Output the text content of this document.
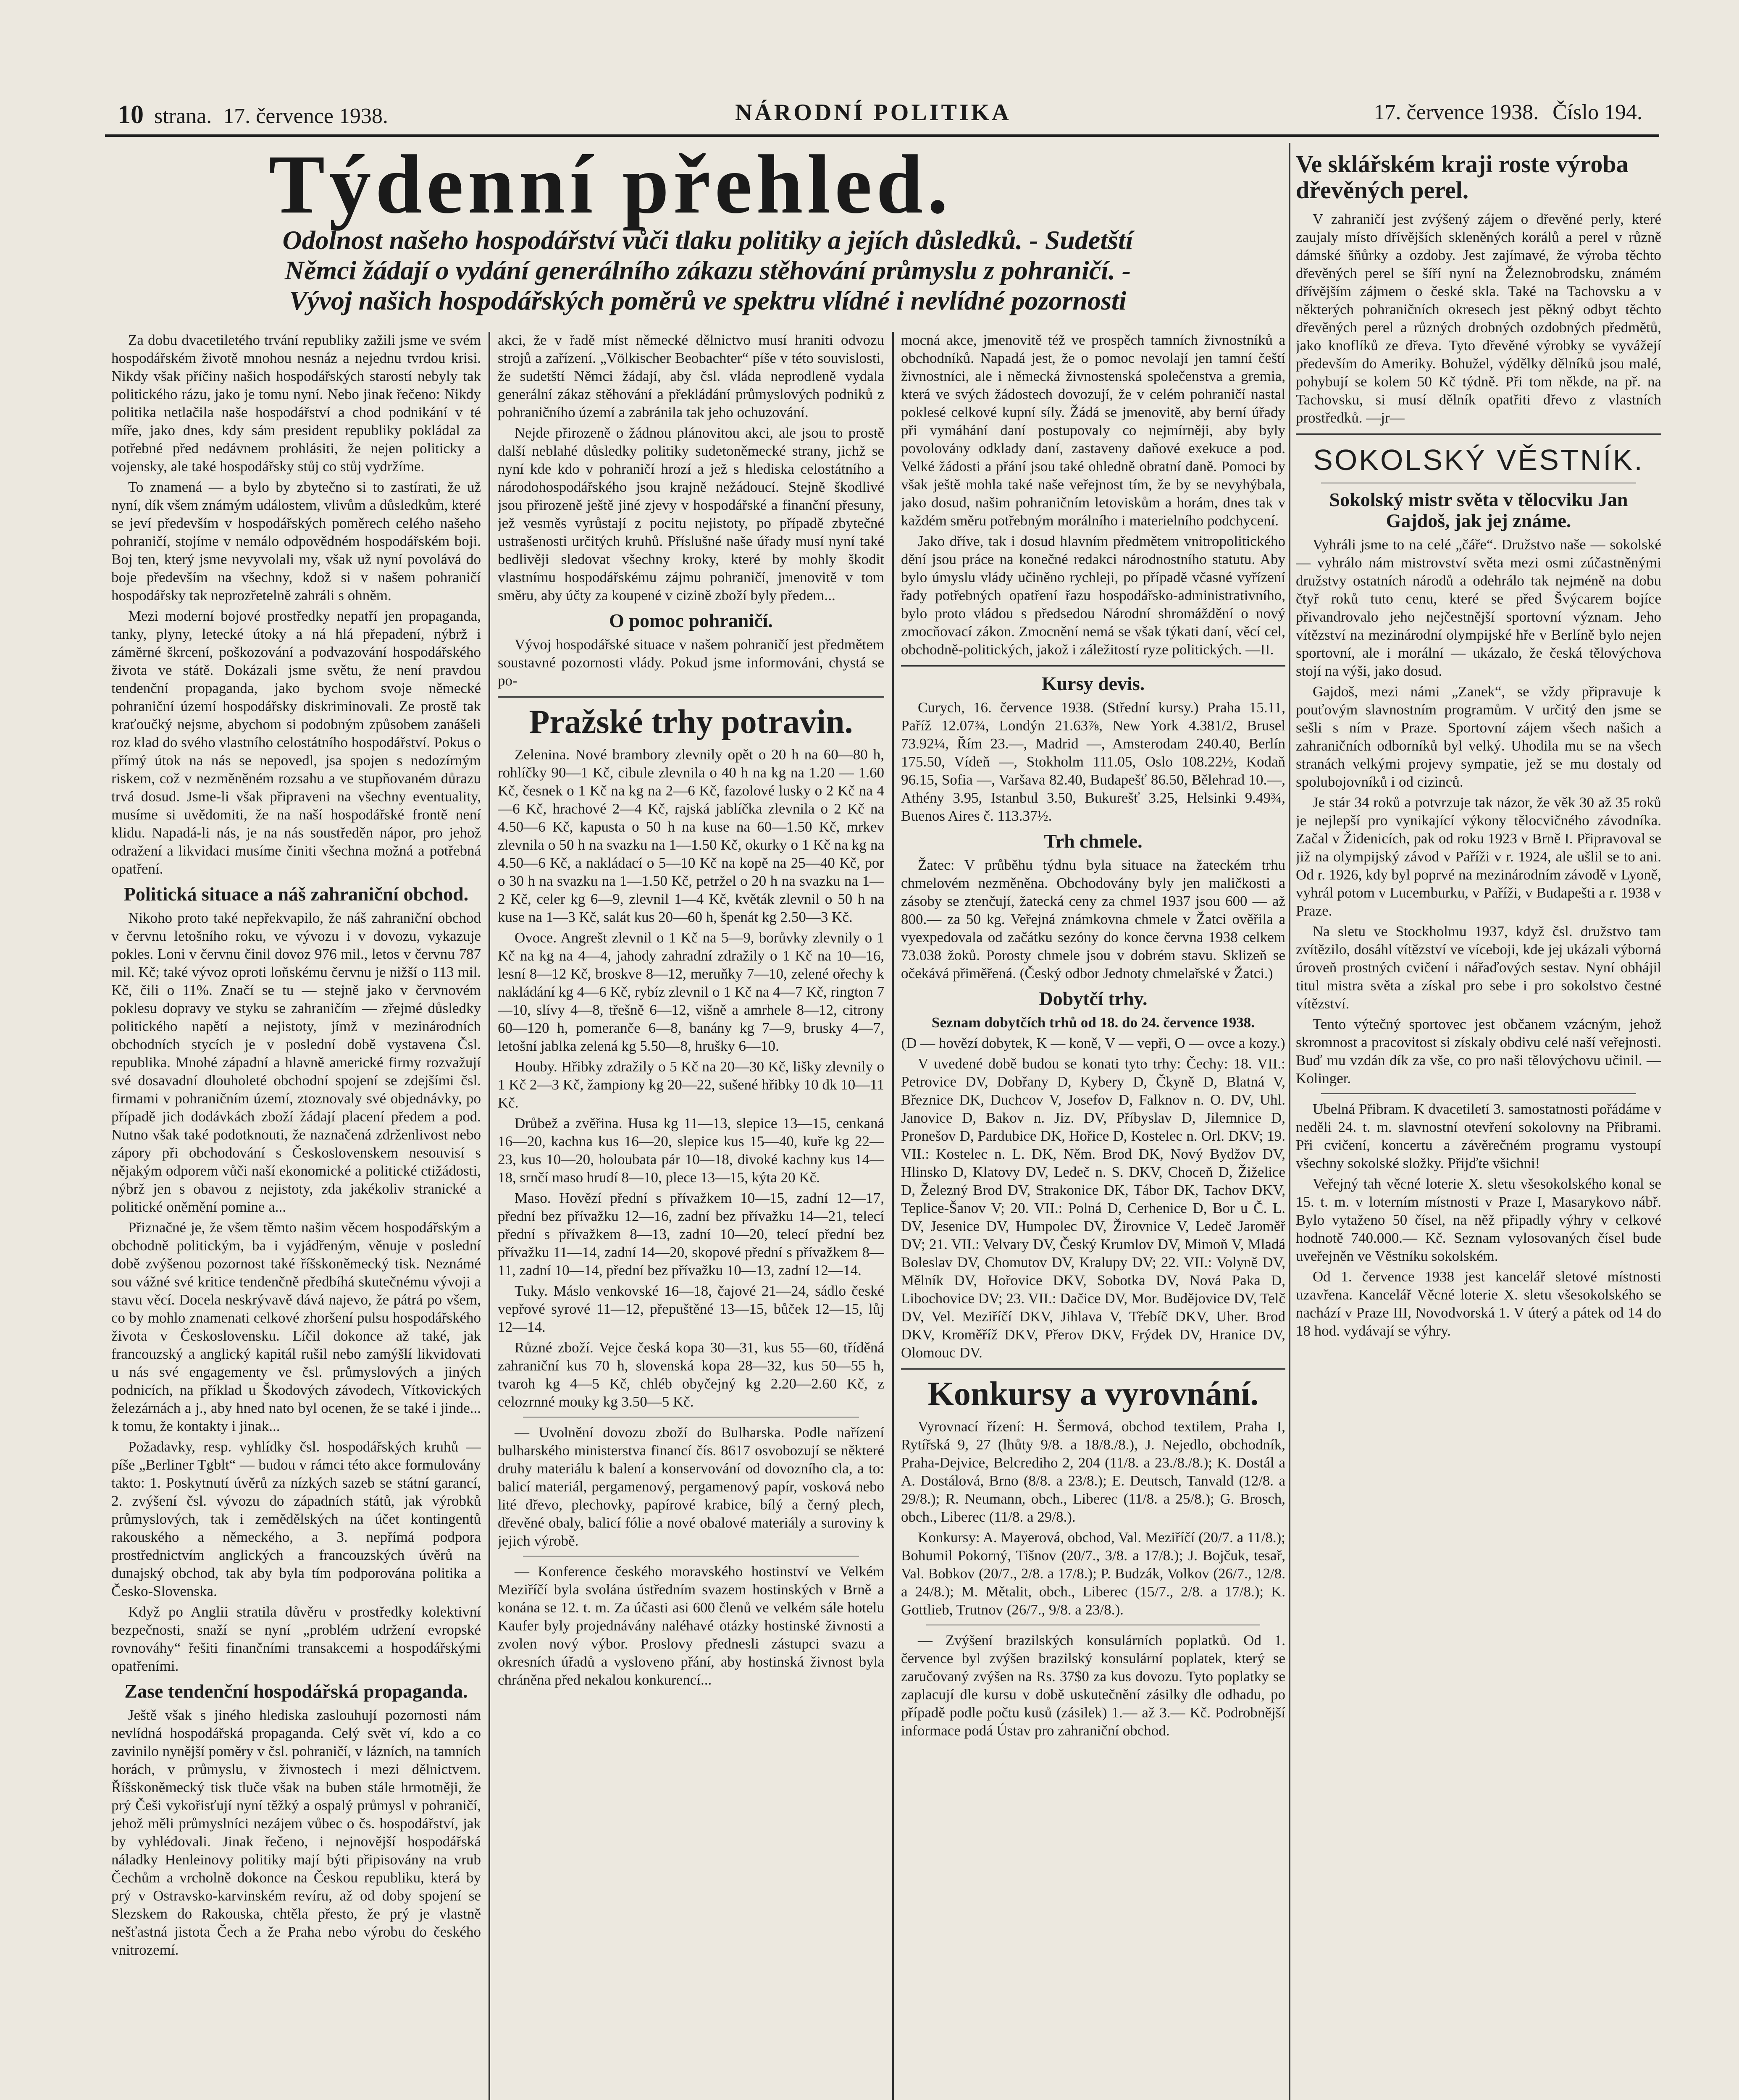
10 strana. 17. července 1938.	NÁRODNÍ POLITIKA	17. července 1938. Číslo 194.
Týdenní přehled.
Odolnost našeho hospodářství vůči tlaku politiky a jejích důsledků. - Sudetští
Němci žádají o vydání generálního zákazu stěhování průmyslu z pohraničí. -
Vývoj našich hospodářských poměrů ve spektru vlídné i nevlídné pozornosti

Za dobu dvacetiletého trvání republiky zažili jsme ve svém hospodářském životě mnohou nesnáz a nejednu tvrdou krisi. Nikdy však příčiny našich hospodářských starostí nebyly tak politického rázu, jako je tomu nyní. Nebo jinak řečeno: Nikdy politika netlačila naše hospodářství a chod podnikání v té míře, jako dnes, kdy sám president republiky pokládal za potřebné před nedávnem prohlásiti, že nejen politicky a vojensky, ale také hospodářsky stůj co stůj vydržíme.

To znamená — a bylo by zbytečno si to zastírati, že už nyní, dík všem známým událostem, vlivům a důsledkům, které se jeví především v hospodářských poměrech celého našeho pohraničí, stojíme v nemálo odpovědném hospodářském boji. Boj ten, který jsme nevyvolali my, však už nyní povolává do boje především na všechny, kdož si v našem pohraničí hospodářsky tak neprozřetelně zahráli s ohněm.

Mezi moderní bojové prostředky nepatří jen propaganda, tanky, plyny, letecké útoky a ná hlá přepadení, nýbrž i zámĕrné škrcení, poškozování a podvazování hospodářského života ve státě. Dokázali jsme světu, že není pravdou tendenční propaganda, jako bychom svoje německé pohraniční území hospodářsky diskriminovali. Ze prostě tak kraťoučký nejsme, abychom si podobným způsobem zanášeli roz klad do svého vlastního celostátního hospodářství. Pokus o přímý útok na nás se nepovedl, jsa spojen s nedozírným riskem, což v nezměněném rozsahu a ve stupňovaném důrazu trvá dosud. Jsme-li však připraveni na všechny eventuality, musíme si uvědomiti, že na naší hospodářské frontě není klidu. Napadá-li nás, je na nás soustředěn nápor, pro jehož odražení a likvidaci musíme činiti všechna možná a potřebná opatření.

Politická situace a náš zahraniční obchod.

Nikoho proto také nepřekvapilo, že náš zahraniční obchod v červnu letošního roku, ve vývozu i v dovozu, vykazuje pokles. Loni v červnu činil dovoz 976 mil., letos v červnu 787 mil. Kč; také vývoz oproti loňskému červnu je nižší o 113 mil. Kč, čili o 11%. Značí se tu — stejně jako v červnovém poklesu dopravy ve styku se zahraničím — zřejmé důsledky politického napětí a nejistoty, jímž v mezinárodních obchodních stycích je v poslední době vystavena Čsl. republika. Mnohé západní a hlavně americké firmy rozvažují své dosavadní dlouholeté obchodní spojení se zdejšími čsl. firmami v pohraničním území, ztoznovaly své objednávky, po případě jich dodávkách zboží žádají placení předem a pod. Nutno však také podotknouti, že naznačená zdrženlivost nebo zápory při obchodování s Československem nesouvisí s nějakým odporem vůči naší ekonomické a politické ctižádosti, nýbrž jen s obavou z nejistoty, zda jakékoliv stranické a politické oněmění pomine a...

Přiznačné je, že všem těmto našim věcem hospodářským a obchodně politickým, ba i vyjádřeným, věnuje v poslední době zvýšenou pozornost také říšskoněmecký tisk. Neznámé sou vážné své kritice tendenčně předbíhá skutečnému vývoji a stavu věcí. Docela neskrývavě dává najevo, že pátrá po všem, co by mohlo znamenati celkové zhoršení pulsu hospodářského života v Československu. Líčil dokonce až také, jak francouzský a anglický kapitál rušil nebo zamýšlí likvidovati u nás své engagementy ve čsl. průmyslových a jiných podnicích, na příklad u Škodových závodech, Vítkovických železárnách a j., aby hned nato byl ocenen, že se také i jinde... k tomu, že kontakty i jinak...

Požadavky, resp. vyhlídky čsl. hospodářských kruhů — píše „Berliner Tgblt“ — budou v rámci této akce formulovány takto: 1. Poskytnutí úvěrů za nízkých sazeb se státní garancí, 2. zvýšení čsl. vývozu do západních států, jak výrobků průmyslových, tak i zemědělských na účet kontingentů rakouského a německého, a 3. nepřímá podpora prostřednictvím anglických a francouzských úvěrů na dunajský obchod, tak aby byla tím podporována politika a Česko-Slovenska.

Když po Anglii stratila důvěru v prostředky kolektivní bezpečnosti, snaží se nyní „problém udržení evropské rovnováhy“ řešiti finančními transakcemi a hospodářskými opatřeními.

Zase tendenční hospodářská propaganda.

Ještě však s jiného hlediska zaslouhují pozornosti nám nevlídná hospodářská propaganda. Celý svět ví, kdo a co zavinilo nynější poměry v čsl. pohraničí, v lázních, na tamních horách, v průmyslu, v živnostech i mezi dělnictvem. Říšskoněmecký tisk tluče však na buben stále hrmotněji, že prý Češi vykořisťují nyní těžký a ospalý průmysl v pohraničí, jehož měli průmyslníci nezájem vůbec o čs. hospodářství, jak by vyhlédovali. Jinak řečeno, i nejnovější hospodářská náladky Henleinovy politiky mají býti připisovány na vrub Čechům a vrcholně dokonce na Českou republiku, která by prý v Ostravsko-karvinském revíru, až od doby spojení se Slezskem do Rakouska, chtěla přesto, že prý je vlastně nešťastná jistota Čech a že Praha nebo výrobu do českého vnitrozemí.

akci, že v řadě míst německé dělnictvo musí hraniti odvozu strojů a zařízení. „Völkischer Beobachter“ píše v této souvislosti, že sudetští Němci žádají, aby čsl. vláda neprodleně vydala generální zákaz stěhování a překládání průmyslových podniků z pohraničního území a zabránila tak jeho ochuzování.

Nejde přirozeně o žádnou plánovitou akci, ale jsou to prostě další neblahé důsledky politiky sudetoněmecké strany, jichž se nyní kde kdo v pohraničí hrozí a jež s hlediska celostátního a národohospodářského jsou krajně nežádoucí. Stejně škodlivé jsou přirozeně ještě jiné zjevy v hospodářské a finanční přesuny, jež vesměs vyrůstají z pocitu nejistoty, po případě zbytečné ustrašenosti určitých kruhů. Příslušné naše úřady musí nyní také bedlivěji sledovat všechny kroky, které by mohly škodit vlastnímu hospodářskému zájmu pohraničí, jmenovitě v tom směru, aby účty za koupené v cizině zboží byly předem...

O pomoc pohraničí.

Vývoj hospodářské situace v našem pohraničí jest předmětem soustavné pozornosti vlády. Pokud jsme informováni, chystá se po-

Pražské trhy potravin.

Zelenina. Nové brambory zlevnily opět o 20 h na 60—80 h, rohlíčky 90—1 Kč, cibule zlevnila o 40 h na kg na 1.20 — 1.60 Kč, česnek o 1 Kč na kg na 2—6 Kč, fazolové lusky o 2 Kč na 4—6 Kč, hrachové 2—4 Kč, rajská jablíčka zlevnila o 2 Kč na 4.50—6 Kč, kapusta o 50 h na kuse na 60—1.50 Kč, mrkev zlevnila o 50 h na svazku na 1—1.50 Kč, okurky o 1 Kč na kg na 4.50—6 Kč, a nakládací o 5—10 Kč na kopě na 25—40 Kč, por o 30 h na svazku na 1—1.50 Kč, petržel o 20 h na svazku na 1—2 Kč, celer kg 6—9, zlevnil 1—4 Kč, květák zlevnil o 50 h na kuse na 1—3 Kč, salát kus 20—60 h, špenát kg 2.50—3 Kč.

Ovoce. Angrešt zlevnil o 1 Kč na 5—9, borůvky zlevnily o 1 Kč na kg na 4—4, jahody zahradní zdražily o 1 Kč na 10—16, lesní 8—12 Kč, broskve 8—12, meruňky 7—10, zelené ořechy k nakládání kg 4—6 Kč, rybíz zlevnil o 1 Kč na 4—7 Kč, rington 7—10, slívy 4—8, třešně 6—12, višně a amrhele 8—12, citrony 60—120 h, pomeranče 6—8, banány kg 7—9, brusky 4—7, letošní jablka zelená kg 5.50—8, hrušky 6—10.

Houby. Hřibky zdražily o 5 Kč na 20—30 Kč, lišky zlevnily o 1 Kč 2—3 Kč, žampiony kg 20—22, sušené hřibky 10 dk 10—11 Kč.

Drůbež a zvěřina. Husa kg 11—13, slepice 13—15, cenkaná 16—20, kachna kus 16—20, slepice kus 15—40, kuře kg 22—23, kus 10—20, holoubata pár 10—18, divoké kachny kus 14—18, srnčí maso hrudí 8—10, plece 13—15, kýta 20 Kč.

Maso. Hovězí přední s přívažkem 10—15, zadní 12—17, přední bez přívažku 12—16, zadní bez přívažku 14—21, telecí přední s přívažkem 8—13, zadní 10—20, telecí přední bez přívažku 11—14, zadní 14—20, skopové přední s přívažkem 8—11, zadní 10—14, přední bez přívažku 10—13, zadní 12—14.

Tuky. Máslo venkovské 16—18, čajové 21—24, sádlo české vepřové syrové 11—12, přepuštěné 13—15, bůček 12—15, lůj 12—14.

Různé zboží. Vejce česká kopa 30—31, kus 55—60, tříděná zahraniční kus 70 h, slovenská kopa 28—32, kus 50—55 h, tvaroh kg 4—5 Kč, chléb obyčejný kg 2.20—2.60 Kč, z celozrnné mouky kg 3.50—5 Kč.

— Uvolnění dovozu zboží do Bulharska. Podle nařízení bulharského ministerstva financí čís. 8617 osvobozují se některé druhy materiálu k balení a konservování od dovozního cla, a to: balicí materiál, pergamenový, pergamenový papír, vosková nebo lité dřevo, plechovky, papírové krabice, bílý a černý plech, dřevěné obaly, balicí fólie a nové obalové materiály a suroviny k jejich výrobě.

— Konference českého moravského hostinství ve Velkém Meziříčí byla svolána ústředním svazem hostinských v Brně a konána se 12. t. m. Za účasti asi 600 členů ve velkém sále hotelu Kaufer byly projednávány naléhavé otázky hostinské živnosti a zvolen nový výbor. Proslovy přednesli zástupci svazu a okresních úřadů a vysloveno přání, aby hostinská živnost byla chráněna před nekalou konkurencí...

mocná akce, jmenovitě též ve prospěch tamních živnostníků a obchodníků. Napadá jest, že o pomoc nevolají jen tamní čeští živnostníci, ale i německá živnostenská společenstva a gremia, která ve svých žádostech dovozují, že v celém pohraničí nastal poklesé celkové kupní síly. Žádá se jmenovitě, aby berní úřady při vymáhání daní postupovaly co nejmírněji, aby byly povolovány odklady daní, zastaveny daňové exekuce a pod. Velké žádosti a přání jsou také ohledně obratní daně. Pomoci by však ještě mohla také naše veřejnost tím, že by se nevyhýbala, jako dosud, našim pohraničním letoviskům a horám, dnes tak v každém směru potřebným morálního i materielního podchycení.

Jako dříve, tak i dosud hlavním předmětem vnitropolitického dění jsou práce na konečné redakci národnostního statutu. Aby bylo úmyslu vlády učiněno rychleji, po případě včasné vyřízení řady potřebných opatření řazu hospodářsko-administrativního, bylo proto vládou s předsedou Národní shromáždění o nový zmocňovací zákon. Zmocnění nemá se však týkati daní, věcí cel, obchodně-politických, jakož i záležitostí ryze politických. —II.

Kursy devis.

Curych, 16. července 1938. (Střední kursy.) Praha 15.11, Paříž 12.07¾, Londýn 21.63⅞, New York 4.381/2, Brusel 73.92¼, Řím 23.—, Madrid —, Amsterodam 240.40, Berlín 175.50, Vídeň —, Stokholm 111.05, Oslo 108.22½, Kodaň 96.15, Sofia —, Varšava 82.40, Budapešť 86.50, Bělehrad 10.—, Athény 3.95, Istanbul 3.50, Bukurešť 3.25, Helsinki 9.49¾, Buenos Aires č. 113.37½.

Trh chmele.

Žatec: V průběhu týdnu byla situace na žateckém trhu chmelovém nezměněna. Obchodovány byly jen maličkosti a zásoby se ztenčují, žatecká ceny za chmel 1937 jsou 600 — až 800.— za 50 kg. Veřejná známkovna chmele v Žatci ověřila a vyexpedovala od začátku sezóny do konce června 1938 celkem 73.038 žoků. Porosty chmele jsou v dobrém stavu. Sklizeň se očekává přiměřená. (Český odbor Jednoty chmelařské v Žatci.)

Dobytčí trhy.

Seznam dobytčích trhů od 18. do 24. července 1938.

(D — hovězí dobytek, K — koně, V — vepři, O — ovce a kozy.)

V uvedené době budou se konati tyto trhy: Čechy: 18. VII.: Petrovice DV, Dobřany D, Kybery D, Čkyně D, Blatná V, Březnice DK, Duchcov V, Josefov D, Falknov n. O. DV, Uhl. Janovice D, Bakov n. Jiz. DV, Příbyslav D, Jilemnice D, Pronešov D, Pardubice DK, Hořice D, Kostelec n. Orl. DKV; 19. VII.: Kostelec n. L. DK, Něm. Brod DK, Nový Bydžov DV, Hlinsko D, Klatovy DV, Ledeč n. S. DKV, Choceň D, Žiželice D, Železný Brod DV, Strakonice DK, Tábor DK, Tachov DKV, Teplice-Šanov V; 20. VII.: Polná D, Cerhenice D, Bor u Č. L. DV, Jesenice DV, Humpolec DV, Žirovnice V, Ledeč Jaroměř DV; 21. VII.: Velvary DV, Český Krumlov DV, Mimoň V, Mladá Boleslav DV, Chomutov DV, Kralupy DV; 22. VII.: Volyně DV, Mělník DV, Hořovice DKV, Sobotka DV, Nová Paka D, Libochovice DV; 23. VII.: Dačice DV, Mor. Budějovice DV, Telč DV, Vel. Meziříčí DKV, Jihlava V, Třebíč DKV, Uher. Brod DKV, Kroměříž DKV, Přerov DKV, Frýdek DV, Hranice DV, Olomouc DV.

Konkursy a vyrovnání.

Vyrovnací řízení: H. Šermová, obchod textilem, Praha I, Rytířská 9, 27 (lhůty 9/8. a 18/8./8.), J. Nejedlo, obchodník, Praha-Dejvice, Belcrediho 2, 204 (11/8. a 23./8./8.); K. Dostál a A. Dostálová, Brno (8/8. a 23/8.); E. Deutsch, Tanvald (12/8. a 29/8.); R. Neumann, obch., Liberec (11/8. a 25/8.); G. Brosch, obch., Liberec (11/8. a 29/8.).

Konkursy: A. Mayerová, obchod, Val. Meziříčí (20/7. a 11/8.); Bohumil Pokorný, Tišnov (20/7., 3/8. a 17/8.); J. Bojčuk, tesař, Val. Bobkov (20/7., 2/8. a 17/8.); P. Budzák, Volkov (26/7., 12/8. a 24/8.); M. Mětalit, obch., Liberec (15/7., 2/8. a 17/8.); K. Gottlieb, Trutnov (26/7., 9/8. a 23/8.).

— Zvýšení brazilských konsulárních poplatků. Od 1. července byl zvýšen brazilský konsulární poplatek, který se zaručovaný zvýšen na Rs. 37$0 za kus dovozu. Tyto poplatky se zaplacují dle kursu v době uskutečnění zásilky dle odhadu, po případě podle počtu kusů (zásilek) 1.— až 3.— Kč. Podrobnější informace podá Ústav pro zahraniční obchod.

Ve sklářském kraji roste výroba dřevěných perel.

V zahraničí jest zvýšený zájem o dřevěné perly, které zaujaly místo dřívějších skleněných korálů a perel v různě dámské šňůrky a ozdoby. Jest zajímavé, že výroba těchto dřevěných perel se šíří nyní na Železnobrodsku, známém dřívějším zájmem o české skla. Také na Tachovsku a v některých pohraničních okresech jest pěkný odbyt těchto dřevěných perel a různých drobných ozdobných předmětů, jako knoflíků ze dřeva. Tyto dřevěné výrobky se vyvážejí především do Ameriky. Bohužel, výdělky dělníků jsou malé, pohybují se kolem 50 Kč týdně. Při tom někde, na př. na Tachovsku, si musí dělník opatřiti dřevo z vlastních prostředků. —jr—

SOKOLSKÝ VĚSTNÍK.
Sokolský mistr světa v tělocviku Jan Gajdoš, jak jej známe.

Vyhráli jsme to na celé „čáře“. Družstvo naše — sokolské — vyhrálo nám mistrovství světa mezi osmi zúčastněnými družstvy ostatních národů a odehrálo tak nejméně na dobu čtyř roků tuto cenu, které se před Švýcarem bojíce přivandrovalo jeho nejčestnější sportovní význam. Jeho vítězství na mezinárodní olympijské hře v Berlíně bylo nejen sportovní, ale i morální — ukázalo, že česká tělovýchova stojí na výši, jako dosud.

Gajdoš, mezi námi „Zanek“, se vždy připravuje k pouťovým slavnostním programům. V určitý den jsme se sešli s ním v Praze. Sportovní zájem všech našich a zahraničních odborníků byl velký. Uhodila mu se na všech stranách velkými projevy sympatie, jež se mu dostaly od spolubojovníků i od cizinců.

Je stár 34 roků a potvrzuje tak názor, že věk 30 až 35 roků je nejlepší pro vynikající výkony tělocvičného závodníka. Začal v Židenicích, pak od roku 1923 v Brně I. Připravoval se již na olympijský závod v Paříži v r. 1924, ale ušlil se to ani. Od r. 1926, kdy byl poprvé na mezinárodním závodě v Lyoně, vyhrál potom v Lucemburku, v Paříži, v Budapešti a r. 1938 v Praze.

Na sletu ve Stockholmu 1937, když čsl. družstvo tam zvítězilo, dosáhl vítězství ve víceboji, kde jej ukázali výborná úroveň prostných cvičení i nářaďových sestav. Nyní obhájil titul mistra světa a získal pro sebe i pro sokolstvo čestné vítězství.

Tento výtečný sportovec jest občanem vzácným, jehož skromnost a pracovitost si získaly obdivu celé naší veřejnosti. Buď mu vzdán dík za vše, co pro naši tělovýchovu učinil. — Kolinger.

Ubelná Přibram. K dvacetiletí 3. samostatnosti pořádáme v neděli 24. t. m. slavnostní otevření sokolovny na Přibrami. Při cvičení, koncertu a závěrečném programu vystoupí všechny sokolské složky. Přijďte všichni!

Veřejný tah věcné loterie X. sletu všesokolského konal se 15. t. m. v loterním místnosti v Praze I, Masarykovo nábř. Bylo vytaženo 50 čísel, na něž připadly výhry v celkové hodnotě 740.000.— Kč. Seznam vylosovaných čísel bude uveřejněn ve Věstníku sokolském.

Od 1. července 1938 jest kancelář sletové místnosti uzavřena. Kancelář Věcné loterie X. sletu všesokolského se nachází v Praze III, Novodvorská 1. V úterý a pátek od 14 do 18 hod. vydávají se výhry.
